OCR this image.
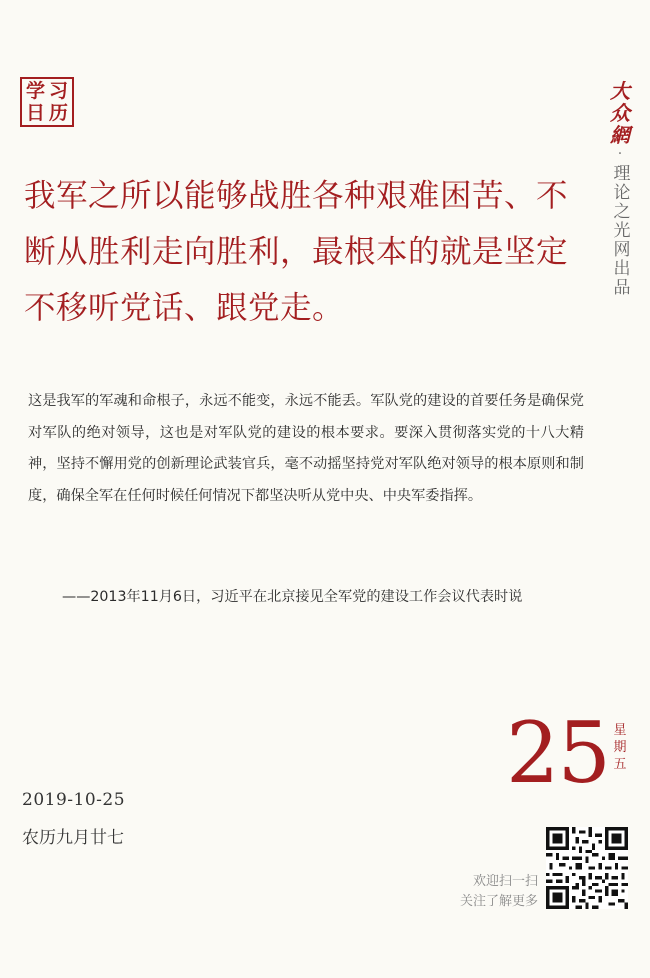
学 习
日 历
大
众
網
·
理论之光网出品

我军之所以能够战胜各种艰难困苦、不断从胜利走向胜利，最根本的就是坚定不移听党话、跟党走。

这是我军的军魂和命根子，永远不能变，永远不能丢。军队党的建设的首要任务是确保党对军队的绝对领导，这也是对军队党的建设的根本要求。要深入贯彻落实党的十八大精神，坚持不懈用党的创新理论武装官兵，毫不动摇坚持党对军队绝对领导的根本原则和制度，确保全军在任何时候任何情况下都坚决听从党中央、中央军委指挥。

——2013年11月6日，习近平在北京接见全军党的建设工作会议代表时说

25 星
期
五
2019-10-25
农历九月廿七
欢迎扫一扫
关注了解更多
